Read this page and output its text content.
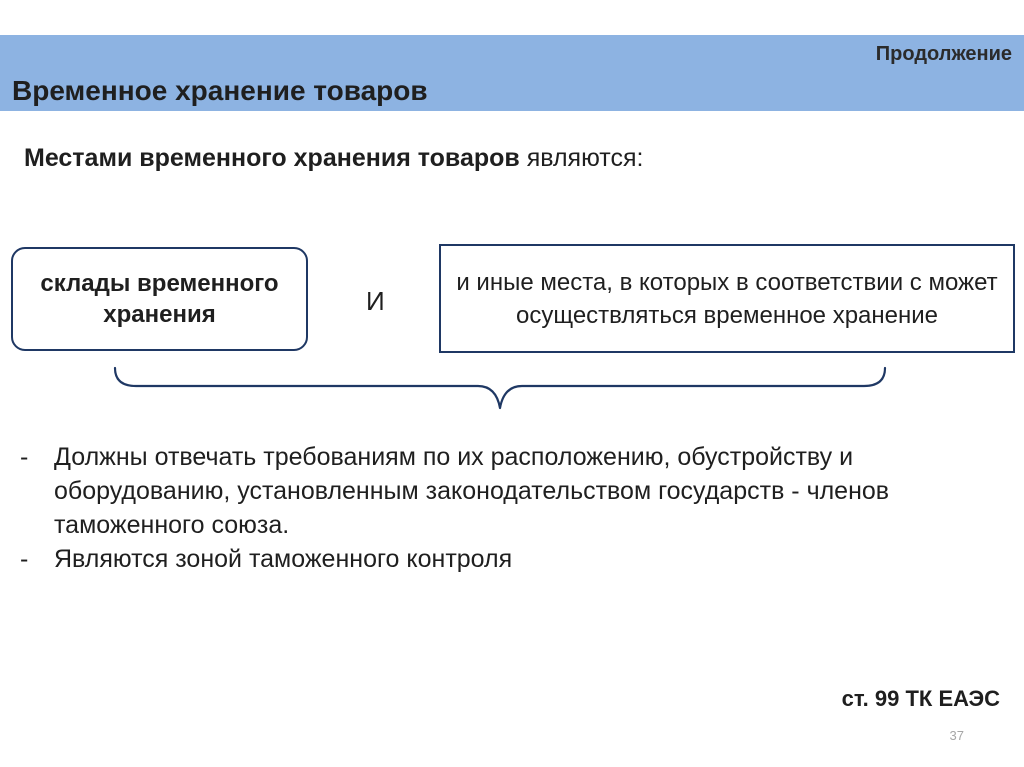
Продолжение
Временное хранение товаров
Местами временного хранения товаров являются:
склады временного хранения	И
и иные места, в которых в соответствии с может осуществляться временное хранение
- Должны отвечать требованиям по их расположению, обустройству и оборудованию, установленным законодательством государств - членов таможенного союза.
- Являются зоной таможенного контроля
ст. 99 ТК ЕАЭС
37
